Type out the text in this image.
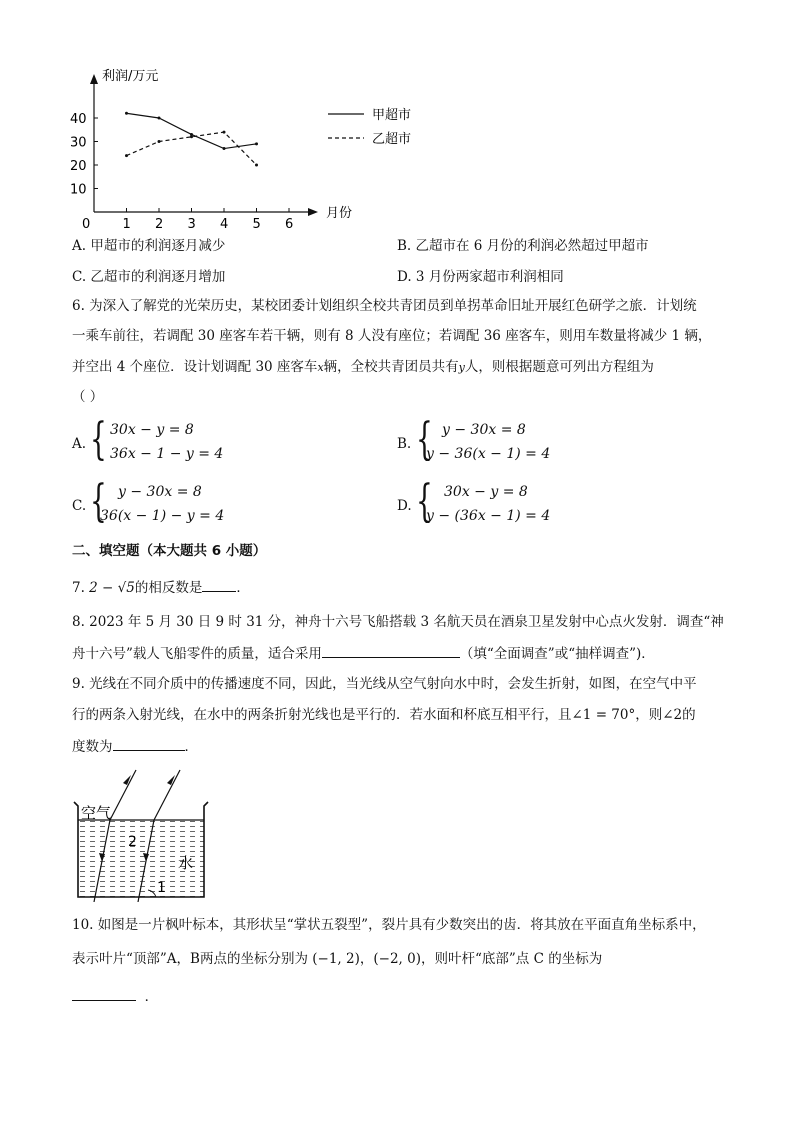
利润/万元
月份
0 1 2 3 4 5 6
10
20
30
40	甲超市
乙超市
A. 甲超市的利润逐月减少	B. 乙超市在 6 月份的利润必然超过甲超市
C. 乙超市的利润逐月增加	D. 3 月份两家超市利润相同
6. 为深入了解党的光荣历史，某校团委计划组织全校共青团员到单拐革命旧址开展红色研学之旅．计划统
一乘车前往，若调配 30 座客车若干辆，则有 8 人没有座位；若调配 36 座客车，则用车数量将减少 1 辆，
并空出 4 个座位．设计划调配 30 座客车x辆，全校共青团员共有y人，则根据题意可列出方程组为
（ ）
A. { 30x − y = 8
36x − 1 − y = 4
B. { y − 30x = 8
y − 36(x − 1) = 4
C. { y − 30x = 8
36(x − 1) − y = 4
D. { 30x − y = 8
y − (36x − 1) = 4
二、填空题（本大题共 6 小题）
7. 2 − √5的相反数是	．
8. 2023 年 5 月 30 日 9 时 31 分，神舟十六号飞船搭载 3 名航天员在酒泉卫星发射中心点火发射．调查“神
舟十六号”载人飞船零件的质量，适合采用	（填“全面调查”或“抽样调查”)．
9. 光线在不同介质中的传播速度不同，因此，当光线从空气射向水中时，会发生折射，如图，在空气中平
行的两条入射光线，在水中的两条折射光线也是平行的．若水面和杯底互相平行，且∠1 = 70°，则∠2的
度数为	．
空气
水
2
1
10. 如图是一片枫叶标本，其形状呈“掌状五裂型”，裂片具有少数突出的齿．将其放在平面直角坐标系中，
表示叶片“顶部”A，B两点的坐标分别为 (−1, 2)，(−2, 0)，则叶杆“底部”点 C 的坐标为
．
